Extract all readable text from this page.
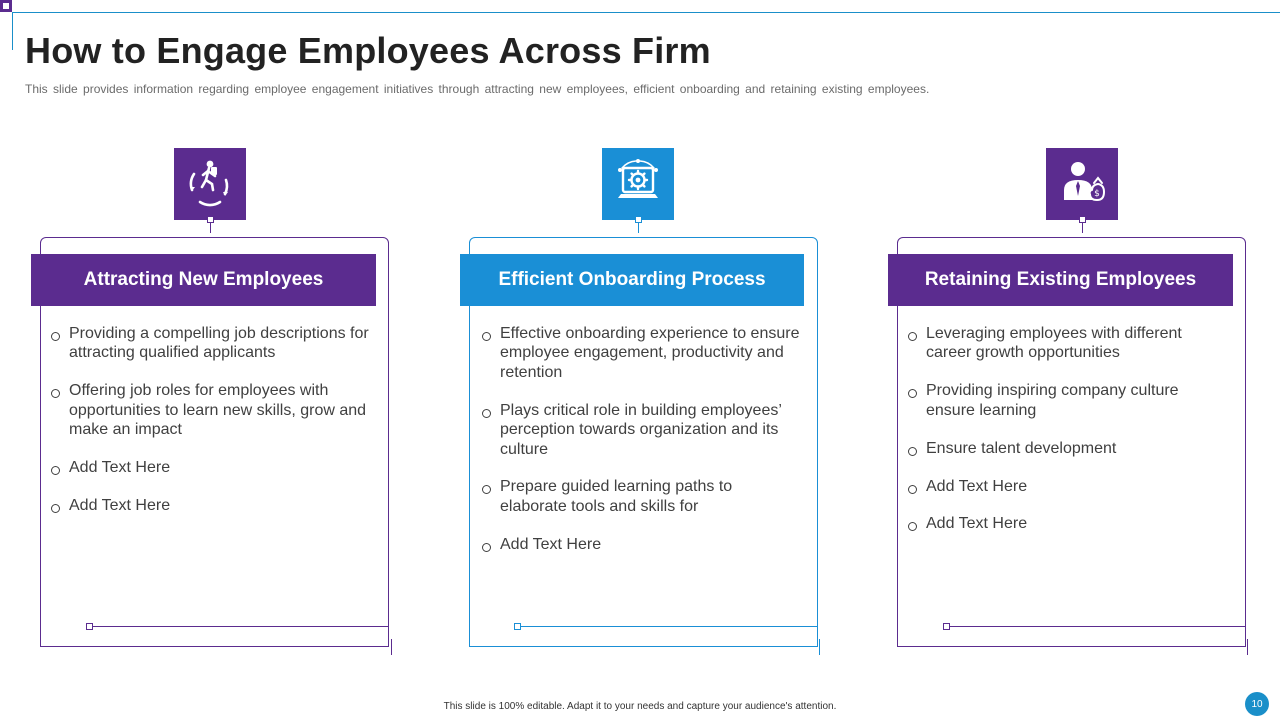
How to Engage Employees Across Firm

This slide provides information regarding employee engagement initiatives through attracting new employees, efficient onboarding and retaining existing employees.

Attracting New Employees
Providing a compelling job descriptions for attracting qualified applicants
Offering job roles for employees with opportunities to learn new skills, grow and make an impact
Add Text Here
Add Text Here
Efficient Onboarding Process
Effective onboarding experience to ensure employee engagement, productivity and retention
Plays critical role in building employees’ perception towards organization and its culture
Prepare guided learning paths to elaborate tools and skills for
Add Text Here
$
Retaining Existing Employees
Leveraging employees with different career growth opportunities
Providing inspiring company culture ensure learning
Ensure talent development
Add Text Here
Add Text Here
This slide is 100% editable. Adapt it to your needs and capture your audience's attention.	10
